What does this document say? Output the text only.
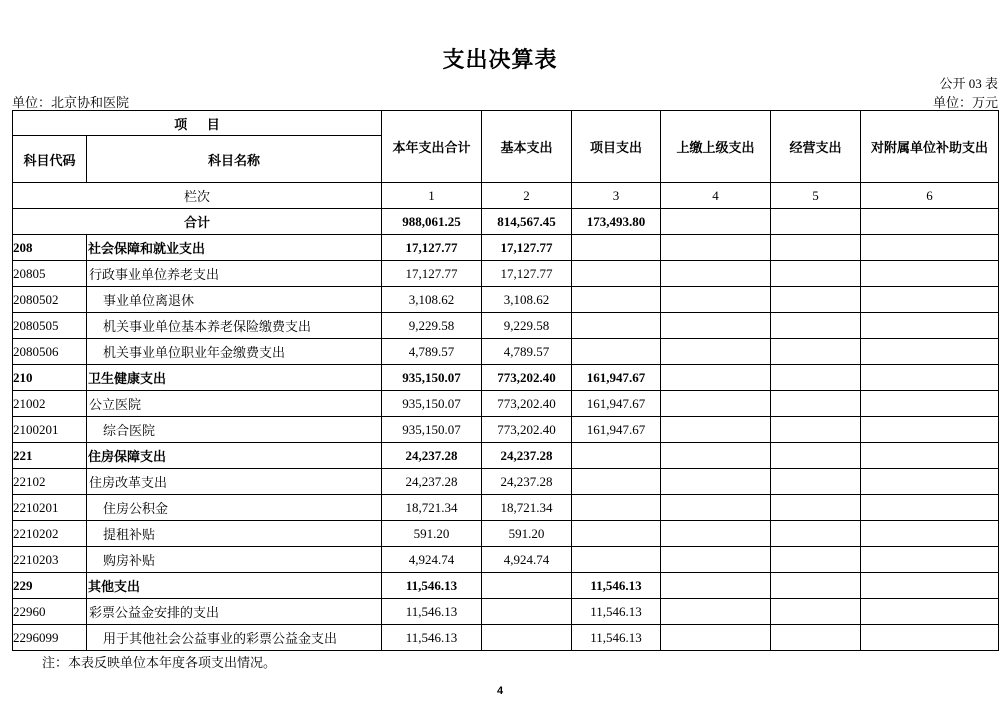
支出决算表
公开 03 表
单位：北京协和医院	单位：万元
项      目		本年支出合计	基本支出	项目支出	上缴上级支出	经营支出	对附属单位补助支出
科目代码	科目名称						
栏次		1	2	3	4	5	6
合计		988,061.25	814,567.45	173,493.80			
208	社会保障和就业支出	17,127.77	17,127.77				
20805	行政事业单位养老支出	17,127.77	17,127.77				
2080502	事业单位离退休	3,108.62	3,108.62				
2080505	机关事业单位基本养老保险缴费支出	9,229.58	9,229.58				
2080506	机关事业单位职业年金缴费支出	4,789.57	4,789.57				
210	卫生健康支出	935,150.07	773,202.40	161,947.67			
21002	公立医院	935,150.07	773,202.40	161,947.67			
2100201	综合医院	935,150.07	773,202.40	161,947.67			
221	住房保障支出	24,237.28	24,237.28				
22102	住房改革支出	24,237.28	24,237.28				
2210201	住房公积金	18,721.34	18,721.34				
2210202	提租补贴	591.20	591.20				
2210203	购房补贴	4,924.74	4,924.74				
229	其他支出	11,546.13		11,546.13			
22960	彩票公益金安排的支出	11,546.13		11,546.13			
2296099	用于其他社会公益事业的彩票公益金支出	11,546.13		11,546.13			
注：本表反映单位本年度各项支出情况。
4
